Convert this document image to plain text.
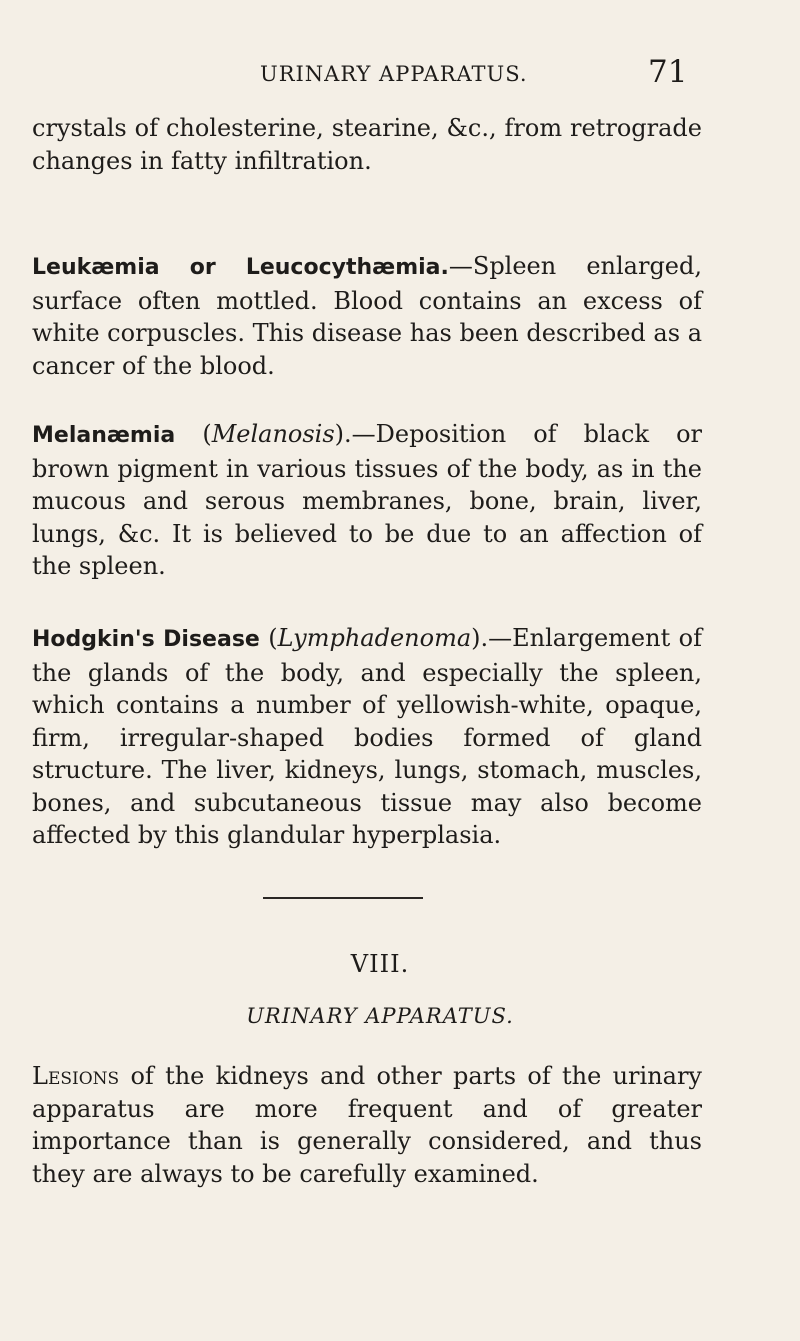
URINARY APPARATUS.	71

crystals of cholesterine, stearine, &c., from retrograde changes in fatty infiltration.

Leukæmia or Leucocythæmia.—Spleen enlarged, surface often mottled. Blood contains an excess of white corpuscles. This disease has been described as a cancer of the blood.

Melanæmia (Melanosis).—Deposition of black or brown pigment in various tissues of the body, as in the mucous and serous membranes, bone, brain, liver, lungs, &c. It is believed to be due to an affection of the spleen.

Hodgkin's Disease (Lymphadenoma).—Enlargement of the glands of the body, and especially the spleen, which contains a number of yellowish-white, opaque, firm, irregular-shaped bodies formed of gland structure. The liver, kidneys, lungs, stomach, muscles, bones, and subcutaneous tissue may also become affected by this glandular hyperplasia.

VIII.
URINARY APPARATUS.

Lesions of the kidneys and other parts of the urinary apparatus are more frequent and of greater importance than is generally considered, and thus they are always to be carefully examined.
